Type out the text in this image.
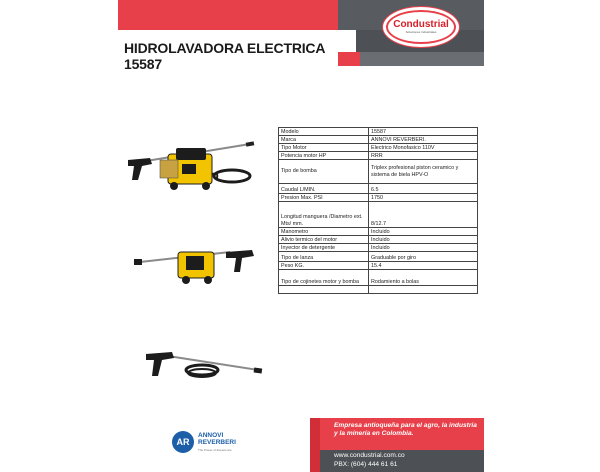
Condustrial
Soluciones Industriales
HIDROLAVADORA ELECTRICA
15587
Modelo	15587
Marca	ANNOVI REVERBERI.
Tipo Motor	Electrico Monofasico 110V
Potencia motor HP	RRR
Tipo de bomba	Triplex profesional piston ceramico y sistema de biela HPV-O
Caudal L/MIN.	6.5
Presion Max. PSI	1750
Longitud manguera /Diametro ext. Mts/ mm.	8/12.7
Manometro	Incluido
Alivio termico del motor	Incluido
Inyector de detergente	Incluido
Tipo de lanza	Graduable por giro
Peso KG.	15.4
Tipo de cojinetes motor y bomba	Rodamiento a bolas

AR
ANNOVI REVERBERI
The Power of Experience
Empresa antioqueña para el agro, la industria y la minería en Colombia.
www.condustrial.com.co
PBX: (604) 444 61 61
